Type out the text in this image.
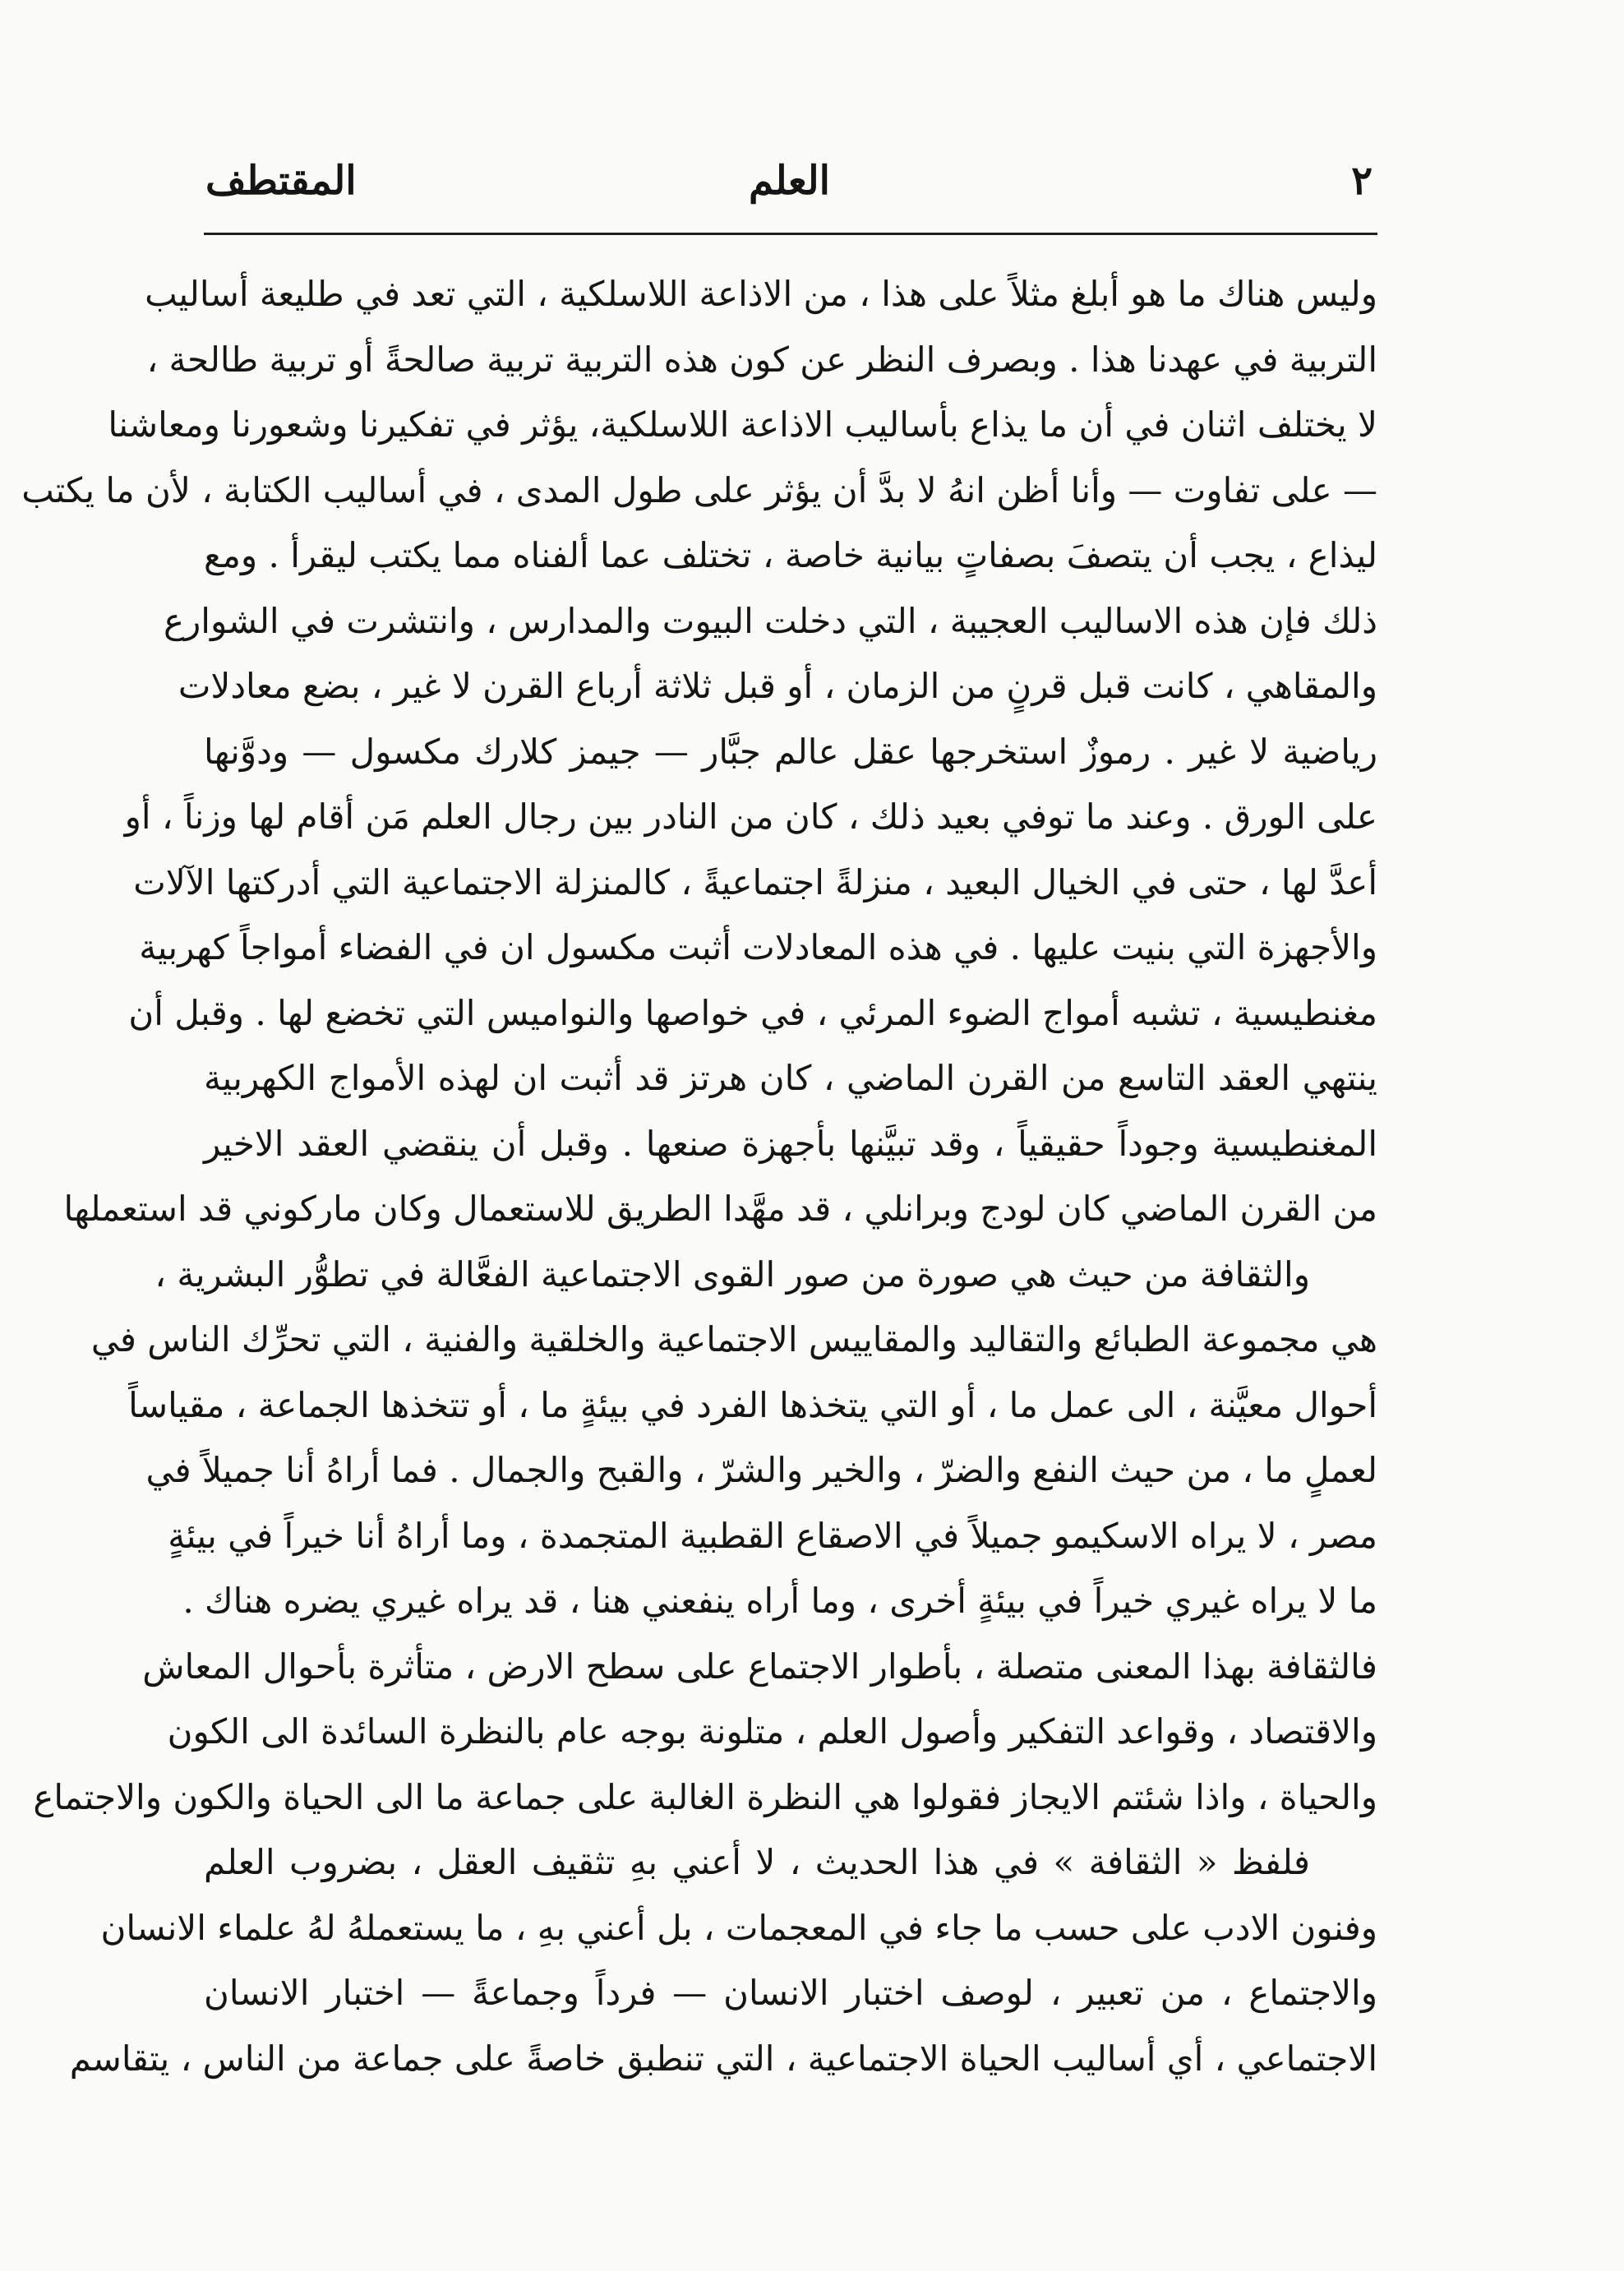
٢
العلم
المقتطف
وليس هناك ما هو أبلغ مثلاً على هذا ، من الاذاعة اللاسلكية ، التي تعد في طليعة أساليب
التربية في عهدنا هذا . وبصرف النظر عن كون هذه التربية تربية صالحةً أو تربية طالحة ،
لا يختلف اثنان في أن ما يذاع بأساليب الاذاعة اللاسلكية، يؤثر في تفكيرنا وشعورنا ومعاشنا
— على تفاوت — وأنا أظن انهُ لا بدَّ أن يؤثر على طول المدى ، في أساليب الكتابة ، لأن ما يكتب
ليذاع ، يجب أن يتصفَ بصفاتٍ بيانية خاصة ، تختلف عما ألفناه مما يكتب ليقرأ . ومع
ذلك فإن هذه الاساليب العجيبة ، التي دخلت البيوت والمدارس ، وانتشرت في الشوارع
والمقاهي ، كانت قبل قرنٍ من الزمان ، أو قبل ثلاثة أرباع القرن لا غير ، بضع معادلات
رياضية لا غير . رموزٌ استخرجها عقل عالم جبَّار — جيمز كلارك مكسول — ودوَّنها
على الورق . وعند ما توفي بعيد ذلك ، كان من النادر بين رجال العلم مَن أقام لها وزناً ، أو
أعدَّ لها ، حتى في الخيال البعيد ، منزلةً اجتماعيةً ، كالمنزلة الاجتماعية التي أدركتها الآلات
والأجهزة التي بنيت عليها . في هذه المعادلات أثبت مكسول ان في الفضاء أمواجاً كهربية
مغنطيسية ، تشبه أمواج الضوء المرئي ، في خواصها والنواميس التي تخضع لها . وقبل أن
ينتهي العقد التاسع من القرن الماضي ، كان هرتز قد أثبت ان لهذه الأمواج الكهربية
المغنطيسية وجوداً حقيقياً ، وقد تبيَّنها بأجهزة صنعها . وقبل أن ينقضي العقد الاخير
من القرن الماضي كان لودج وبرانلي ، قد مهَّدا الطريق للاستعمال وكان ماركوني قد استعملها
والثقافة من حيث هي صورة من صور القوى الاجتماعية الفعَّالة في تطوُّر البشرية ،
هي مجموعة الطبائع والتقاليد والمقاييس الاجتماعية والخلقية والفنية ، التي تحرِّك الناس في
أحوال معيَّنة ، الى عمل ما ، أو التي يتخذها الفرد في بيئةٍ ما ، أو تتخذها الجماعة ، مقياساً
لعملٍ ما ، من حيث النفع والضرّ ، والخير والشرّ ، والقبح والجمال . فما أراهُ أنا جميلاً في
مصر ، لا يراه الاسكيمو جميلاً في الاصقاع القطبية المتجمدة ، وما أراهُ أنا خيراً في بيئةٍ
ما لا يراه غيري خيراً في بيئةٍ أخرى ، وما أراه ينفعني هنا ، قد يراه غيري يضره هناك .
فالثقافة بهذا المعنى متصلة ، بأطوار الاجتماع على سطح الارض ، متأثرة بأحوال المعاش
والاقتصاد ، وقواعد التفكير وأصول العلم ، متلونة بوجه عام بالنظرة السائدة الى الكون
والحياة ، واذا شئتم الايجاز فقولوا هي النظرة الغالبة على جماعة ما الى الحياة والكون والاجتماع
فلفظ « الثقافة » في هذا الحديث ، لا أعني بهِ تثقيف العقل ، بضروب العلم
وفنون الادب على حسب ما جاء في المعجمات ، بل أعني بهِ ، ما يستعملهُ لهُ علماء الانسان
والاجتماع ، من تعبير ، لوصف اختبار الانسان — فرداً وجماعةً — اختبار الانسان
الاجتماعي ، أي أساليب الحياة الاجتماعية ، التي تنطبق خاصةً على جماعة من الناس ، يتقاسم
